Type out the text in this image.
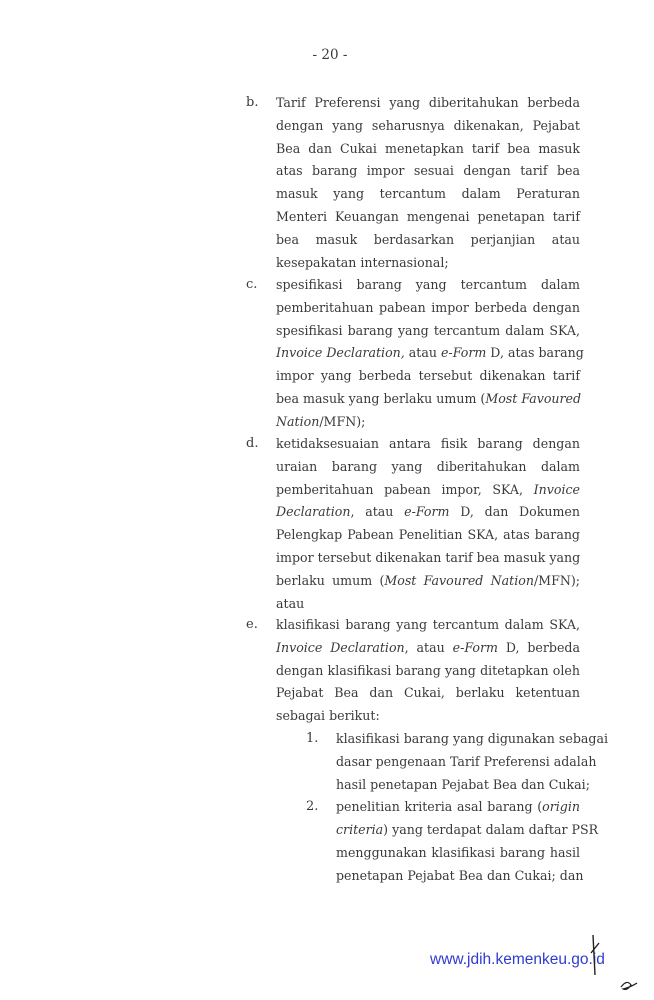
- 20 -
b. Tarif Preferensi yang diberitahukan berbeda
dengan yang seharusnya dikenakan, Pejabat
Bea dan Cukai menetapkan tarif bea masuk
atas barang impor sesuai dengan tarif bea
masuk yang tercantum dalam Peraturan
Menteri Keuangan mengenai penetapan tarif
bea masuk berdasarkan perjanjian atau
kesepakatan internasional;
c. spesifikasi barang yang tercantum dalam
pemberitahuan pabean impor berbeda dengan
spesifikasi barang yang tercantum dalam SKA,
Invoice Declaration, atau e-Form D, atas barang
impor yang berbeda tersebut dikenakan tarif
bea masuk yang berlaku umum (Most Favoured
Nation/MFN);
d. ketidaksesuaian antara fisik barang dengan
uraian barang yang diberitahukan dalam
pemberitahuan pabean impor, SKA, Invoice
Declaration, atau e-Form D, dan Dokumen
Pelengkap Pabean Penelitian SKA, atas barang
impor tersebut dikenakan tarif bea masuk yang
berlaku umum (Most Favoured Nation/MFN);
atau
e. klasifikasi barang yang tercantum dalam SKA,
Invoice Declaration, atau e-Form D, berbeda
dengan klasifikasi barang yang ditetapkan oleh
Pejabat Bea dan Cukai, berlaku ketentuan
sebagai berikut:
1. klasifikasi barang yang digunakan sebagai
dasar pengenaan Tarif Preferensi adalah
hasil penetapan Pejabat Bea dan Cukai;
2. penelitian kriteria asal barang (origin
criteria) yang terdapat dalam daftar PSR
menggunakan klasifikasi barang hasil
penetapan Pejabat Bea dan Cukai; dan
www.jdih.kemenkeu.go.id
